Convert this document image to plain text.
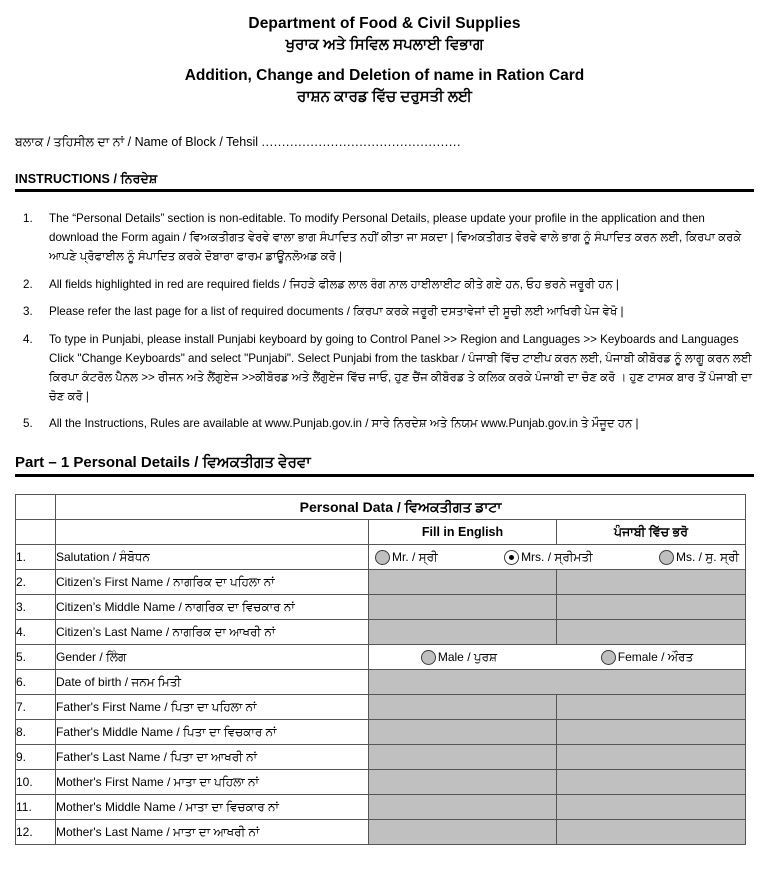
Department of Food & Civil Supplies
ਖੁਰਾਕ ਅਤੇ ਸਿਵਿਲ ਸਪਲਾਈ ਵਿਭਾਗ
Addition, Change and Deletion of name in Ration Card
ਰਾਸ਼ਨ ਕਾਰਡ ਵਿੱਚ ਦਰੁਸਤੀ ਲਈ
ਬਲਾਕ / ਤਹਿਸੀਲ ਦਾ ਨਾਂ / Name of Block / Tehsil .................................................
INSTRUCTIONS / ਨਿਰਦੇਸ਼
1. The “Personal Details” section is non-editable. To modify Personal Details, please update your profile in the application and then download the Form again / ਵਿਅਕਤੀਗਤ ਵੇਰਵੇ ਵਾਲਾ ਭਾਗ ਸੰਪਾਦਿਤ ਨਹੀਂ ਕੀਤਾ ਜਾ ਸਕਦਾ | ਵਿਅਕਤੀਗਤ ਵੇਰਵੇ ਵਾਲੇ ਭਾਗ ਨੂੰ ਸੰਪਾਦਿਤ ਕਰਨ ਲਈ, ਕਿਰਪਾ ਕਰਕੇ ਆਪਣੇ ਪ੍ਰੋਫਾਈਲ ਨੂੰ ਸੰਪਾਦਿਤ ਕਰਕੇ ਦੋਬਾਰਾ ਫਾਰਮ ਡਾਊਨਲੋਅਡ ਕਰੋ |
2. All fields highlighted in red are required fields / ਜਿਹੜੇ ਫੀਲਡ ਲਾਲ ਰੰਗ ਨਾਲ ਹਾਈਲਾਈਟ ਕੀਤੇ ਗਏ ਹਨ, ਓਹ ਭਰਨੇ ਜਰੂਰੀ ਹਨ |
3. Please refer the last page for a list of required documents / ਕਿਰਪਾ ਕਰਕੇ ਜਰੂਰੀ ਦਸਤਾਵੇਜਾਂ ਦੀ ਸੂਚੀ ਲਈ ਆਖਿਰੀ ਪੇਜ ਵੇਖੋ |
4. To type in Punjabi, please install Punjabi keyboard by going to Control Panel >> Region and Languages >> Keyboards and Languages Click "Change Keyboards" and select "Punjabi". Select Punjabi from the taskbar / ਪੰਜਾਬੀ ਵਿੱਚ ਟਾਈਪ ਕਰਨ ਲਈ, ਪੰਜਾਬੀ ਕੀਬੋਰਡ ਨੂੰ ਲਾਗੂ ਕਰਨ ਲਈ ਕਿਰਪਾ ਕੰਟਰੋਲ ਪੈਨਲ >> ਰੀਜਨ ਅਤੇ ਲੈਂਗੁਏਜ >>ਕੀਬੋਰਡ ਅਤੇ ਲੈਂਗੁਏਜ ਵਿੱਚ ਜਾਓ, ਹੁਣ ਚੈਂਜ ਕੀਬੋਰਡ ਤੇ ਕਲਿਕ ਕਰਕੇ ਪੰਜਾਬੀ ਦਾ ਚੋਣ ਕਰੋ । ਹੁਣ ਟਾਸਕ ਬਾਰ ਤੋਂ ਪੰਜਾਬੀ ਦਾ ਚੋਣ ਕਰੋ |
5. All the Instructions, Rules are available at www.Punjab.gov.in / ਸਾਰੇ ਨਿਰਦੇਸ਼ ਅਤੇ ਨਿਯਮ www.Punjab.gov.in ਤੇ ਮੌਜੂਦ ਹਨ |
Part – 1 Personal Details / ਵਿਅਕਤੀਗਤ ਵੇਰਵਾ
	Personal Data / ਵਿਅਕਤੀਗਤ ਡਾਟਾ		
		Fill in English	ਪੰਜਾਬੀ ਵਿੱਚ ਭਰੋ
1.	Salutation / ਸੰਬੋਧਨ	Mr. / ਸ੍ਰੀ Mrs. / ਸ੍ਰੀਮਤੀ Ms. / ਸੁ. ਸ੍ਰੀ	

2.	Citizen’s First Name / ਨਾਗਰਿਕ ਦਾ ਪਹਿਲਾ ਨਾਂ		
3.	Citizen’s Middle Name / ਨਾਗਰਿਕ ਦਾ ਵਿਚਕਾਰ ਨਾਂ		
4.	Citizen’s Last Name / ਨਾਗਰਿਕ ਦਾ ਆਖਰੀ ਨਾਂ		
5.	Gender / ਲਿੰਗ	Male / ਪੁਰਸ਼ Female / ਔਰਤ	

6.	Date of birth / ਜਨਮ ਮਿਤੀ		
7.	Father's First Name / ਪਿਤਾ ਦਾ ਪਹਿਲਾ ਨਾਂ		
8.	Father's Middle Name / ਪਿਤਾ ਦਾ ਵਿਚਕਾਰ ਨਾਂ		
9.	Father's Last Name / ਪਿਤਾ ਦਾ ਆਖਰੀ ਨਾਂ		
10.	Mother's First Name / ਮਾਤਾ ਦਾ ਪਹਿਲਾ ਨਾਂ		
11.	Mother's Middle Name / ਮਾਤਾ ਦਾ ਵਿਚਕਾਰ ਨਾਂ		
12.	Mother's Last Name / ਮਾਤਾ ਦਾ ਆਖਰੀ ਨਾਂ		
